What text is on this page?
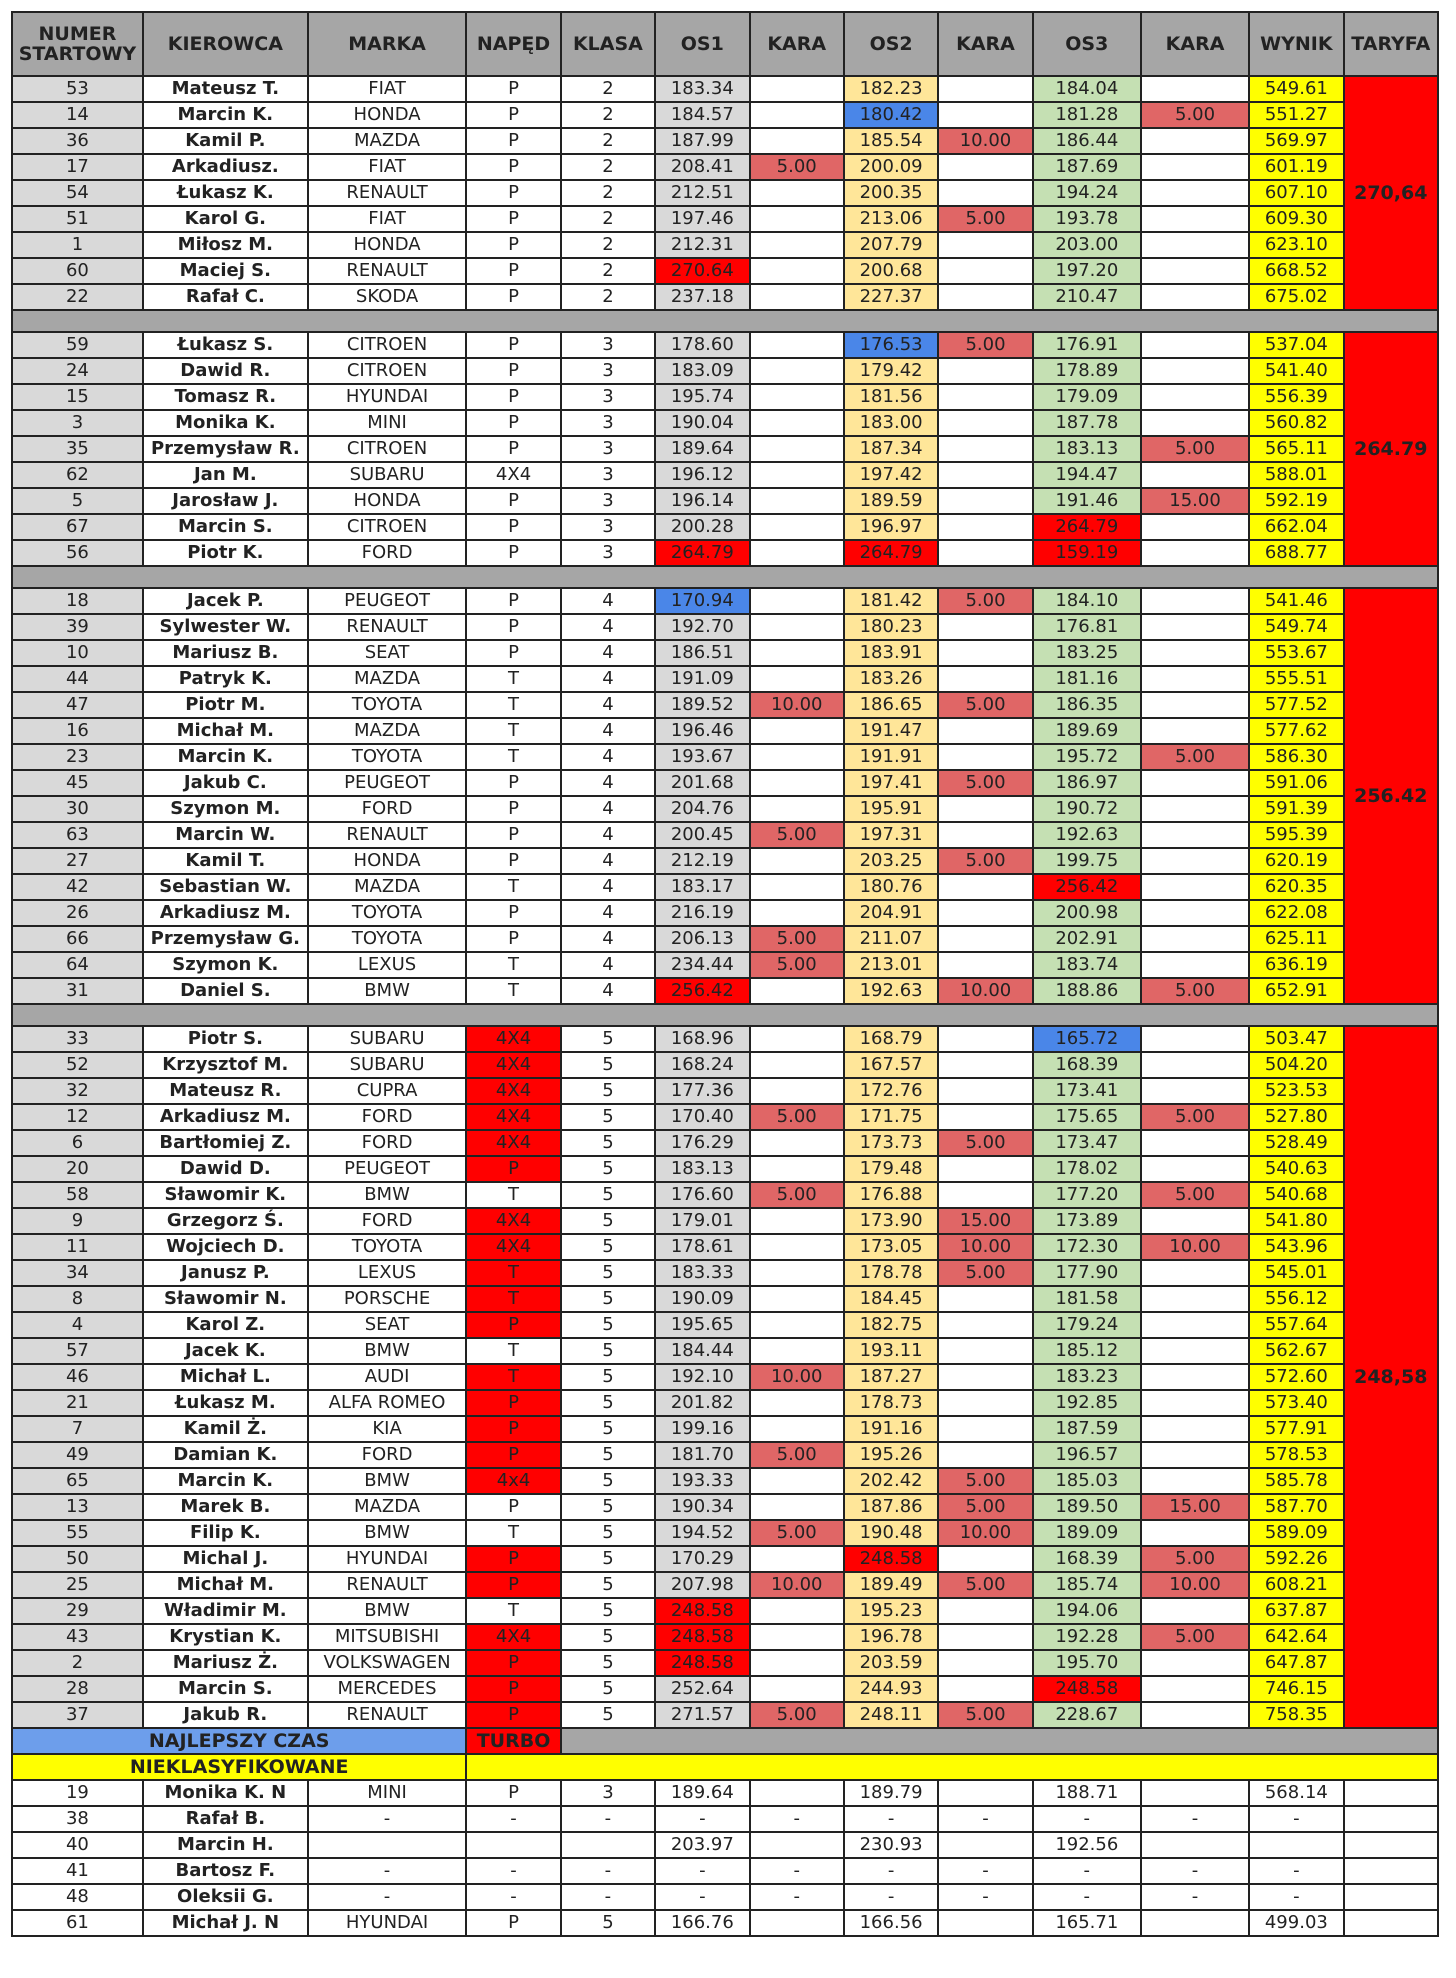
NUMER STARTOWY	KIEROWCA	MARKA	NAPĘD	KLASA	OS1	KARA	OS2	KARA	OS3	KARA	WYNIK	TARYFA
53	Mateusz T.	FIAT	P	2	183.34		182.23		184.04		549.61	270,64
14	Marcin K.	HONDA	P	2	184.57		180.42		181.28	5.00	551.27	
36	Kamil P.	MAZDA	P	2	187.99		185.54	10.00	186.44		569.97	
17	Arkadiusz.	FIAT	P	2	208.41	5.00	200.09		187.69		601.19	
54	Łukasz K.	RENAULT	P	2	212.51		200.35		194.24		607.10	
51	Karol G.	FIAT	P	2	197.46		213.06	5.00	193.78		609.30	
1	Miłosz M.	HONDA	P	2	212.31		207.79		203.00		623.10	
60	Maciej S.	RENAULT	P	2	270.64		200.68		197.20		668.52	
22	Rafał C.	SKODA	P	2	237.18		227.37		210.47		675.02	

59	Łukasz S.	CITROEN	P	3	178.60		176.53	5.00	176.91		537.04	264.79
24	Dawid R.	CITROEN	P	3	183.09		179.42		178.89		541.40	
15	Tomasz R.	HYUNDAI	P	3	195.74		181.56		179.09		556.39	
3	Monika K.	MINI	P	3	190.04		183.00		187.78		560.82	
35	Przemysław R.	CITROEN	P	3	189.64		187.34		183.13	5.00	565.11	
62	Jan M.	SUBARU	4X4	3	196.12		197.42		194.47		588.01	
5	Jarosław J.	HONDA	P	3	196.14		189.59		191.46	15.00	592.19	
67	Marcin S.	CITROEN	P	3	200.28		196.97		264.79		662.04	
56	Piotr K.	FORD	P	3	264.79		264.79		159.19		688.77	

18	Jacek P.	PEUGEOT	P	4	170.94		181.42	5.00	184.10		541.46	256.42
39	Sylwester W.	RENAULT	P	4	192.70		180.23		176.81		549.74	
10	Mariusz B.	SEAT	P	4	186.51		183.91		183.25		553.67	
44	Patryk K.	MAZDA	T	4	191.09		183.26		181.16		555.51	
47	Piotr M.	TOYOTA	T	4	189.52	10.00	186.65	5.00	186.35		577.52	
16	Michał M.	MAZDA	T	4	196.46		191.47		189.69		577.62	
23	Marcin K.	TOYOTA	T	4	193.67		191.91		195.72	5.00	586.30	
45	Jakub C.	PEUGEOT	P	4	201.68		197.41	5.00	186.97		591.06	
30	Szymon M.	FORD	P	4	204.76		195.91		190.72		591.39	
63	Marcin W.	RENAULT	P	4	200.45	5.00	197.31		192.63		595.39	
27	Kamil T.	HONDA	P	4	212.19		203.25	5.00	199.75		620.19	
42	Sebastian W.	MAZDA	T	4	183.17		180.76		256.42		620.35	
26	Arkadiusz M.	TOYOTA	P	4	216.19		204.91		200.98		622.08	
66	Przemysław G.	TOYOTA	P	4	206.13	5.00	211.07		202.91		625.11	
64	Szymon K.	LEXUS	T	4	234.44	5.00	213.01		183.74		636.19	
31	Daniel S.	BMW	T	4	256.42		192.63	10.00	188.86	5.00	652.91	

33	Piotr S.	SUBARU	4X4	5	168.96		168.79		165.72		503.47	248,58
52	Krzysztof M.	SUBARU	4X4	5	168.24		167.57		168.39		504.20	
32	Mateusz R.	CUPRA	4X4	5	177.36		172.76		173.41		523.53	
12	Arkadiusz M.	FORD	4X4	5	170.40	5.00	171.75		175.65	5.00	527.80	
6	Bartłomiej Z.	FORD	4X4	5	176.29		173.73	5.00	173.47		528.49	
20	Dawid D.	PEUGEOT	P	5	183.13		179.48		178.02		540.63	
58	Sławomir K.	BMW	T	5	176.60	5.00	176.88		177.20	5.00	540.68	
9	Grzegorz Ś.	FORD	4X4	5	179.01		173.90	15.00	173.89		541.80	
11	Wojciech D.	TOYOTA	4X4	5	178.61		173.05	10.00	172.30	10.00	543.96	
34	Janusz P.	LEXUS	T	5	183.33		178.78	5.00	177.90		545.01	
8	Sławomir N.	PORSCHE	T	5	190.09		184.45		181.58		556.12	
4	Karol Z.	SEAT	P	5	195.65		182.75		179.24		557.64	
57	Jacek K.	BMW	T	5	184.44		193.11		185.12		562.67	
46	Michał L.	AUDI	T	5	192.10	10.00	187.27		183.23		572.60	
21	Łukasz M.	ALFA ROMEO	P	5	201.82		178.73		192.85		573.40	
7	Kamil Ż.	KIA	P	5	199.16		191.16		187.59		577.91	
49	Damian K.	FORD	P	5	181.70	5.00	195.26		196.57		578.53	
65	Marcin K.	BMW	4x4	5	193.33		202.42	5.00	185.03		585.78	
13	Marek B.	MAZDA	P	5	190.34		187.86	5.00	189.50	15.00	587.70	
55	Filip K.	BMW	T	5	194.52	5.00	190.48	10.00	189.09		589.09	
50	Michal J.	HYUNDAI	P	5	170.29		248.58		168.39	5.00	592.26	
25	Michał M.	RENAULT	P	5	207.98	10.00	189.49	5.00	185.74	10.00	608.21	
29	Władimir M.	BMW	T	5	248.58		195.23		194.06		637.87	
43	Krystian K.	MITSUBISHI	4X4	5	248.58		196.78		192.28	5.00	642.64	
2	Mariusz Ż.	VOLKSWAGEN	P	5	248.58		203.59		195.70		647.87	
28	Marcin S.	MERCEDES	P	5	252.64		244.93		248.58		746.15	
37	Jakub R.	RENAULT	P	5	271.57	5.00	248.11	5.00	228.67		758.35	
NAJLEPSZY CZAS			TURBO									
NIEKLASYFIKOWANE												
19	Monika K. N	MINI	P	3	189.64		189.79		188.71		568.14	
38	Rafał B.	-	-	-	-	-	-	-	-	-	-	
40	Marcin H.				203.97		230.93		192.56			
41	Bartosz F.	-	-	-	-	-	-	-	-	-	-	
48	Oleksii G.	-	-	-	-	-	-	-	-	-	-	
61	Michał J. N	HYUNDAI	P	5	166.76		166.56		165.71		499.03	
